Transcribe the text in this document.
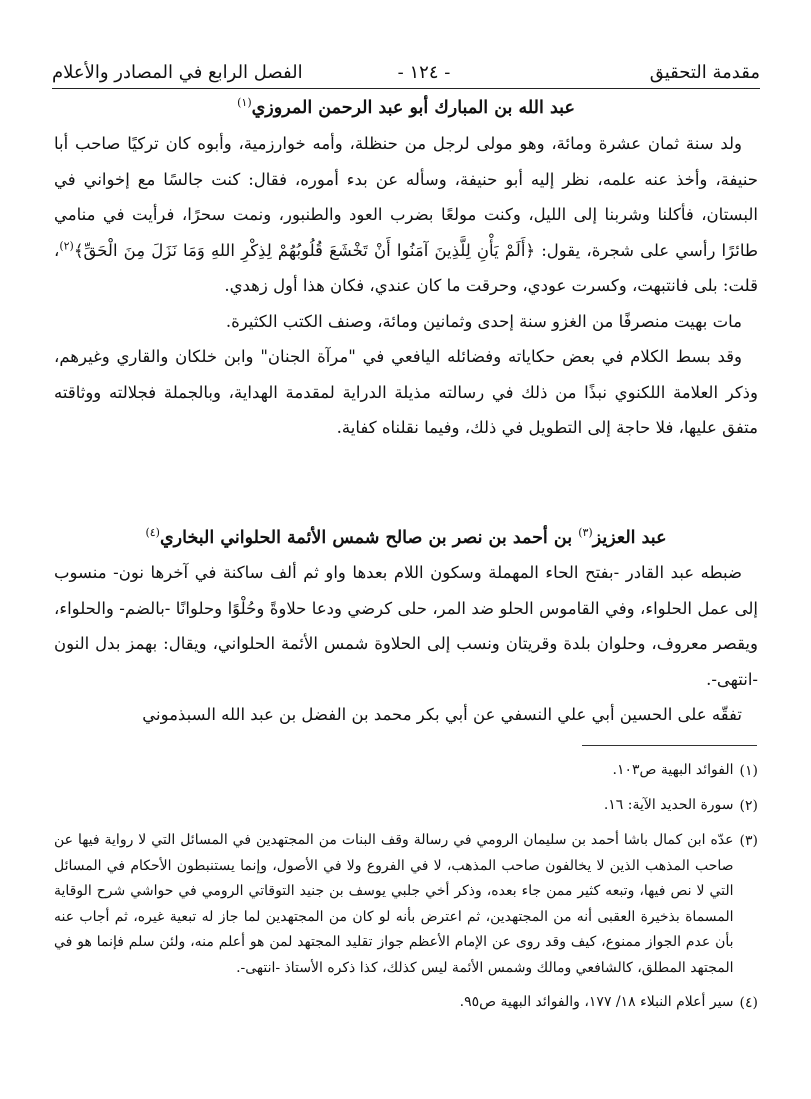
مقدمة التحقيق
- ١٢٤ -
الفصل الرابع في المصادر والأعلام
عبد الله بن المبارك أبو عبد الرحمن المروزي$^{(١)}$

ولد سنة ثمان عشرة ومائة، وهو مولى لرجل من حنظلة، وأمه خوارزمية، وأبوه كان تركيًا صاحب أبا حنيفة، وأخذ عنه علمه، نظر إليه أبو حنيفة، وسأله عن بدء أموره، فقال: كنت جالسًا مع إخواني في البستان، فأكلنا وشربنا إلى الليل، وكنت مولعًا بضرب العود والطنبور، ونمت سحرًا، فرأيت في منامي طائرًا رأسي على شجرة، يقول: ﴿أَلَمْ يَأْنِ لِلَّذِينَ آمَنُوا أَنْ تَخْشَعَ قُلُوبُهُمْ لِذِكْرِ اللهِ وَمَا نَزَلَ مِنَ الْحَقِّ﴾$^{(٢)}$، قلت: بلى فانتبهت، وكسرت عودي، وحرقت ما كان عندي، فكان هذا أول زهدي.

مات بهيت منصرفًا من الغزو سنة إحدى وثمانين ومائة، وصنف الكتب الكثيرة.

وقد بسط الكلام في بعض حكاياته وفضائله اليافعي في "مرآة الجنان" وابن خلكان والقاري وغيرهم، وذكر العلامة اللكنوي نبذًا من ذلك في رسالته مذيلة الدراية لمقدمة الهداية، وبالجملة فجلالته ووثاقته متفق عليها، فلا حاجة إلى التطويل في ذلك، وفيما نقلناه كفاية.

عبد العزيز$^{(٣)}$ بن أحمد بن نصر بن صالح شمس الأئمة الحلواني البخاري$^{(٤)}$

ضبطه عبد القادر -بفتح الحاء المهملة وسكون اللام بعدها واو ثم ألف ساكنة في آخرها نون- منسوب إلى عمل الحلواء، وفي القاموس الحلو ضد المر، حلى كرضي ودعا حلاوةً وحُلْوًا وحلوانًا -بالضم- والحلواء، ويقصر معروف، وحلوان بلدة وقريتان ونسب إلى الحلاوة شمس الأئمة الحلواني، ويقال: بهمز بدل النون -انتهى-.

تفقّه على الحسين أبي علي النسفي عن أبي بكر محمد بن الفضل بن عبد الله السبذموني

(١)
الفوائد البهية ص١٠٣.
(٢)
سورة الحديد الآية: ١٦.
(٣)
عدّه ابن كمال باشا أحمد بن سليمان الرومي في رسالة وقف البنات من المجتهدين في المسائل التي لا رواية فيها عن صاحب المذهب الذين لا يخالفون صاحب المذهب، لا في الفروع ولا في الأصول، وإنما يستنبطون الأحكام في المسائل التي لا نص فيها، وتبعه كثير ممن جاء بعده، وذكر أخي جلبي يوسف بن جنيد التوقاتي الرومي في حواشي شرح الوقاية المسماة بذخيرة العقبى أنه من المجتهدين، ثم اعترض بأنه لو كان من المجتهدين لما جاز له تبعية غيره، ثم أجاب عنه بأن عدم الجواز ممنوع، كيف وقد روى عن الإمام الأعظم جواز تقليد المجتهد لمن هو أعلم منه، ولئن سلم فإنما هو في المجتهد المطلق، كالشافعي ومالك وشمس الأئمة ليس كذلك، كذا ذكره الأستاذ -انتهى-.
(٤)
سير أعلام النبلاء ١٨/ ١٧٧، والفوائد البهية ص٩٥.
